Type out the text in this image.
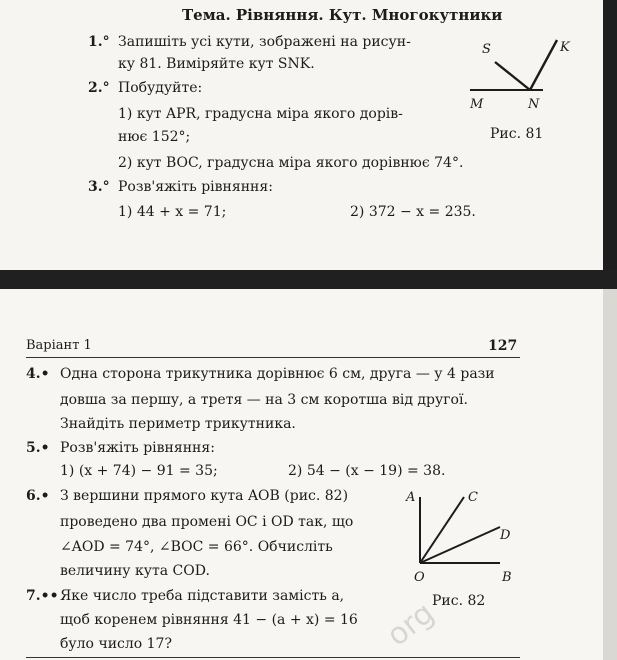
Тема. Рівняння. Кут. Многокутники
1.° Запишіть усі кути, зображені на рисун-
ку 81. Виміряйте кут SNK.
2.° Побудуйте:
1) кут APR, градусна міра якого дорів-
нює 152°;
2) кут BOC, градусна міра якого дорівнює 74°.
3.° Розв'яжіть рівняння:
1) 44 + x = 71;	2) 372 − x = 235.
S	K
M	N
Рис. 81
Варіант 1	127
4.• Одна сторона трикутника дорівнює 6 см, друга — у 4 рази
довша за першу, а третя — на 3 см коротша від другої.
Знайдіть периметр трикутника.
5.• Розв'яжіть рівняння:
1) (x + 74) − 91 = 35;	2) 54 − (x − 19) = 38.
6.• З вершини прямого кута AOB (рис. 82)
проведено два промені OC і OD так, що
∠AOD = 74°, ∠BOC = 66°. Обчисліть
величину кута COD.
7.•• Яке число треба підставити замість a,
щоб коренем рівняння 41 − (a + x) = 16
було число 17?
A	C
D
O	B
Рис. 82
org
